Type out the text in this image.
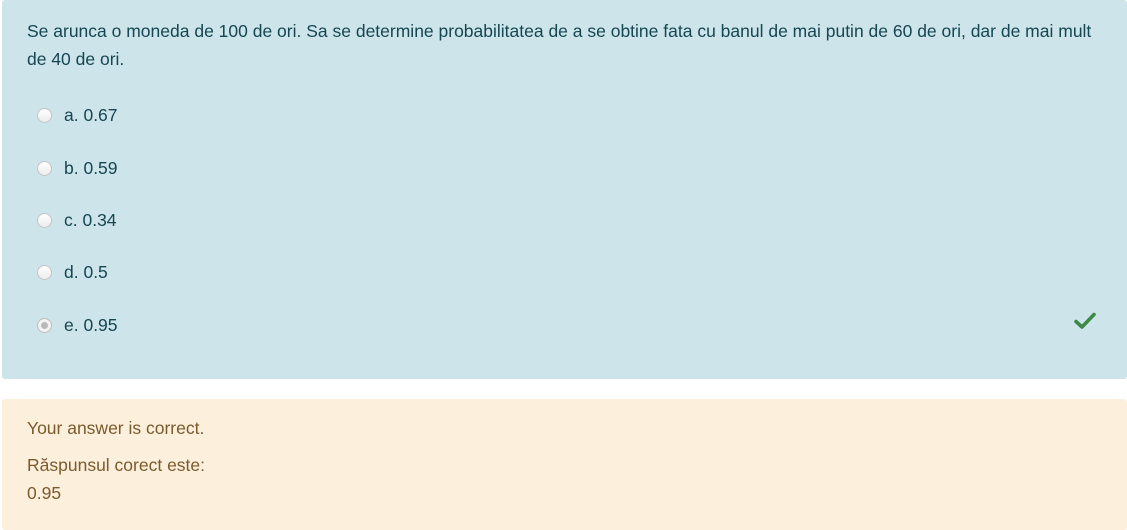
Se arunca o moneda de 100 de ori. Sa se determine probabilitatea de a se obtine fata cu banul de mai putin de 60 de ori, dar de mai mult de 40 de ori.
a. 0.67
b. 0.59
c. 0.34
d. 0.5
e. 0.95
Your answer is correct.
Răspunsul corect este:
0.95
